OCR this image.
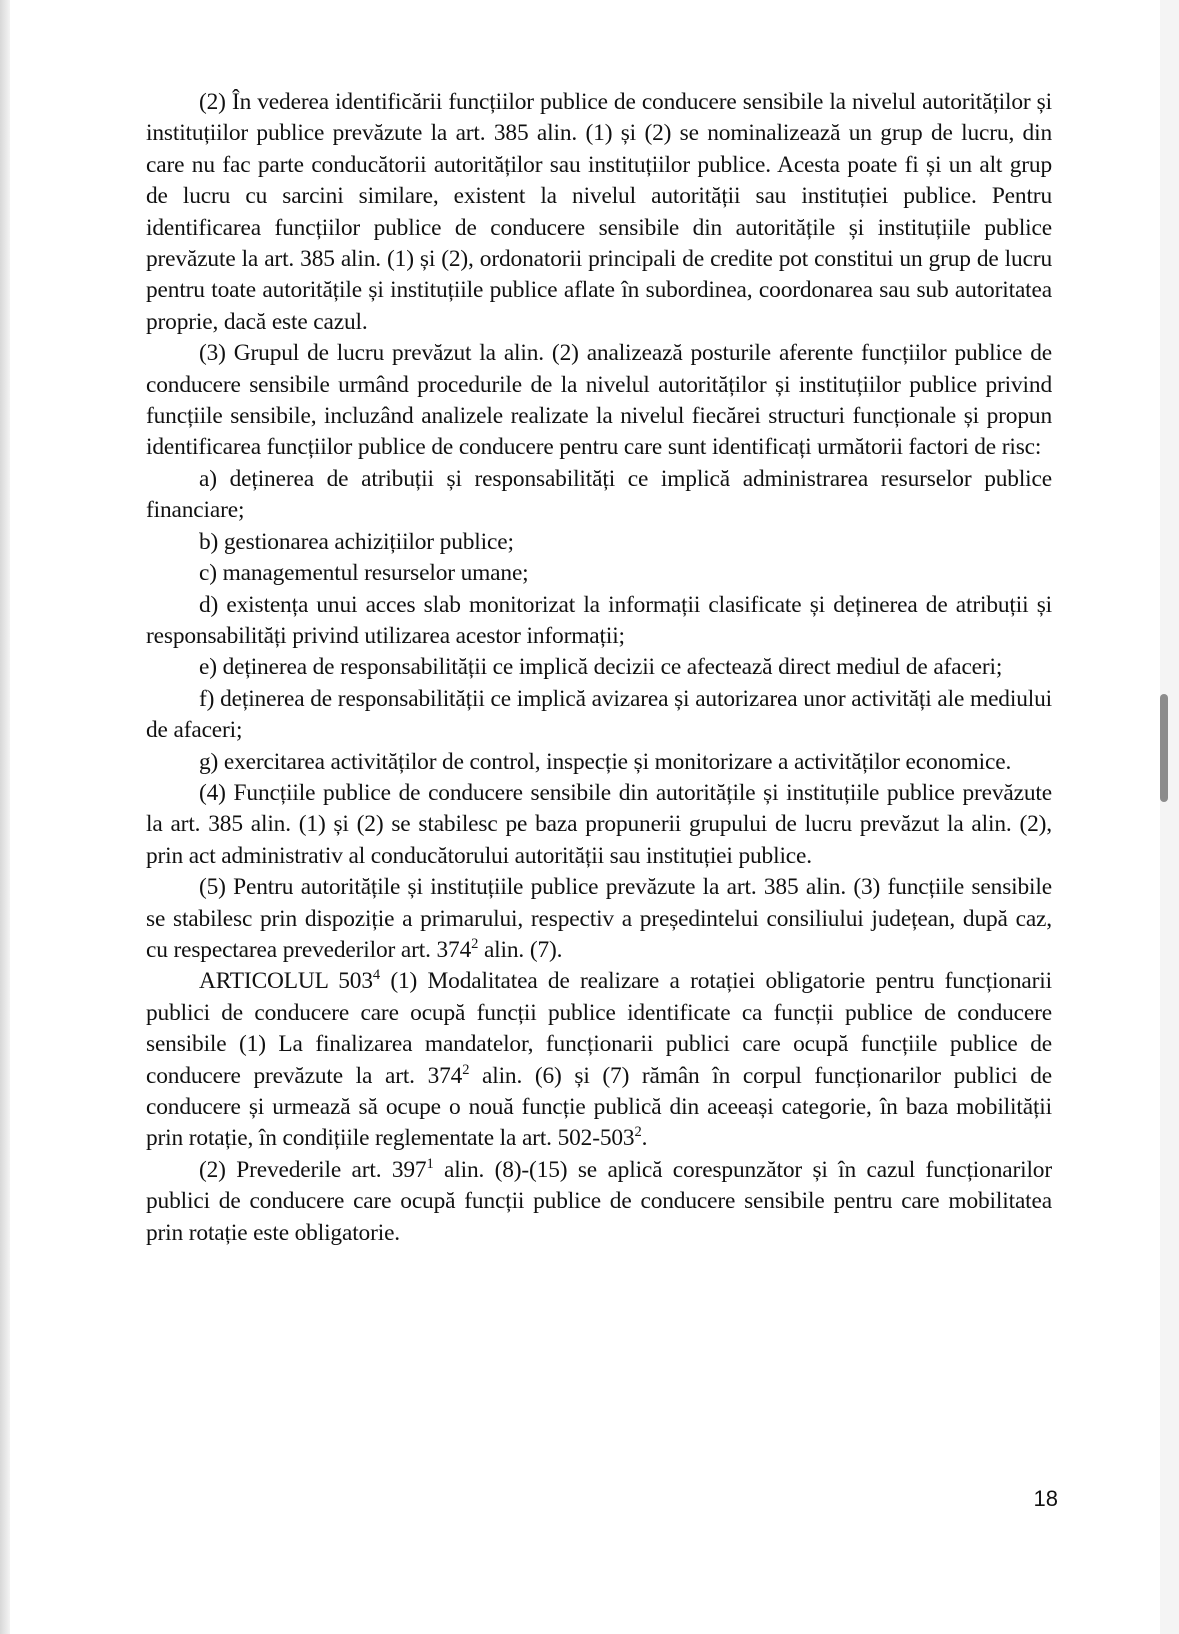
(2) În vederea identificării funcțiilor publice de conducere sensibile la nivelul autorităților și instituțiilor publice prevăzute la art. 385 alin. (1) și (2) se nominalizează un grup de lucru, din care nu fac parte conducătorii autorităților sau instituțiilor publice. Acesta poate fi și un alt grup de lucru cu sarcini similare, existent la nivelul autorității sau instituției publice. Pentru identificarea funcțiilor publice de conducere sensibile din autoritățile și instituțiile publice prevăzute la art. 385 alin. (1) și (2), ordonatorii principali de credite pot constitui un grup de lucru pentru toate autoritățile și instituțiile publice aflate în subordinea, coordonarea sau sub autoritatea proprie, dacă este cazul.

(3) Grupul de lucru prevăzut la alin. (2) analizează posturile aferente funcțiilor publice de conducere sensibile urmând procedurile de la nivelul autorităților și instituțiilor publice privind funcțiile sensibile, incluzând analizele realizate la nivelul fiecărei structuri funcționale și propun identificarea funcțiilor publice de conducere pentru care sunt identificați următorii factori de risc:

a) deținerea de atribuții și responsabilități ce implică administrarea resurselor publice financiare;

b) gestionarea achizițiilor publice;

c) managementul resurselor umane;

d) existența unui acces slab monitorizat la informații clasificate și deținerea de atribuții și responsabilități privind utilizarea acestor informații;

e) deținerea de responsabilitățiі ce implică decizii ce afectează direct mediul de afaceri;

f) deținerea de responsabilitățiі ce implică avizarea și autorizarea unor activități ale mediului de afaceri;

g) exercitarea activităților de control, inspecție și monitorizare a activităților economice.

(4) Funcțiile publice de conducere sensibile din autoritățile și instituțiile publice prevăzute la art. 385 alin. (1) și (2) se stabilesc pe baza propunerii grupului de lucru prevăzut la alin. (2), prin act administrativ al conducătorului autorității sau instituției publice.

(5) Pentru autoritățile și instituțiile publice prevăzute la art. 385 alin. (3) funcțiile sensibile se stabilesc prin dispoziție a primarului, respectiv a președintelui consiliului județean, după caz, cu respectarea prevederilor art. $374^2$ alin. (7).

ARTICOLUL $503^4$ (1) Modalitatea de realizare a rotației obligatorie pentru funcționarii publici de conducere care ocupă funcții publice identificate ca funcții publice de conducere sensibile (1) La finalizarea mandatelor, funcționarii publici care ocupă funcțiile publice de conducere prevăzute la art. $374^2$ alin. (6) și (7) rămân în corpul funcționarilor publici de conducere și urmează să ocupe o nouă funcție publică din aceeași categorie, în baza mobilității prin rotație, în condițiile reglementate la art. $502-503^2$.

(2) Prevederile art. $397^1$ alin. (8)-(15) se aplică corespunzător și în cazul funcționarilor publici de conducere care ocupă funcții publice de conducere sensibile pentru care mobilitatea prin rotație este obligatorie.

18
